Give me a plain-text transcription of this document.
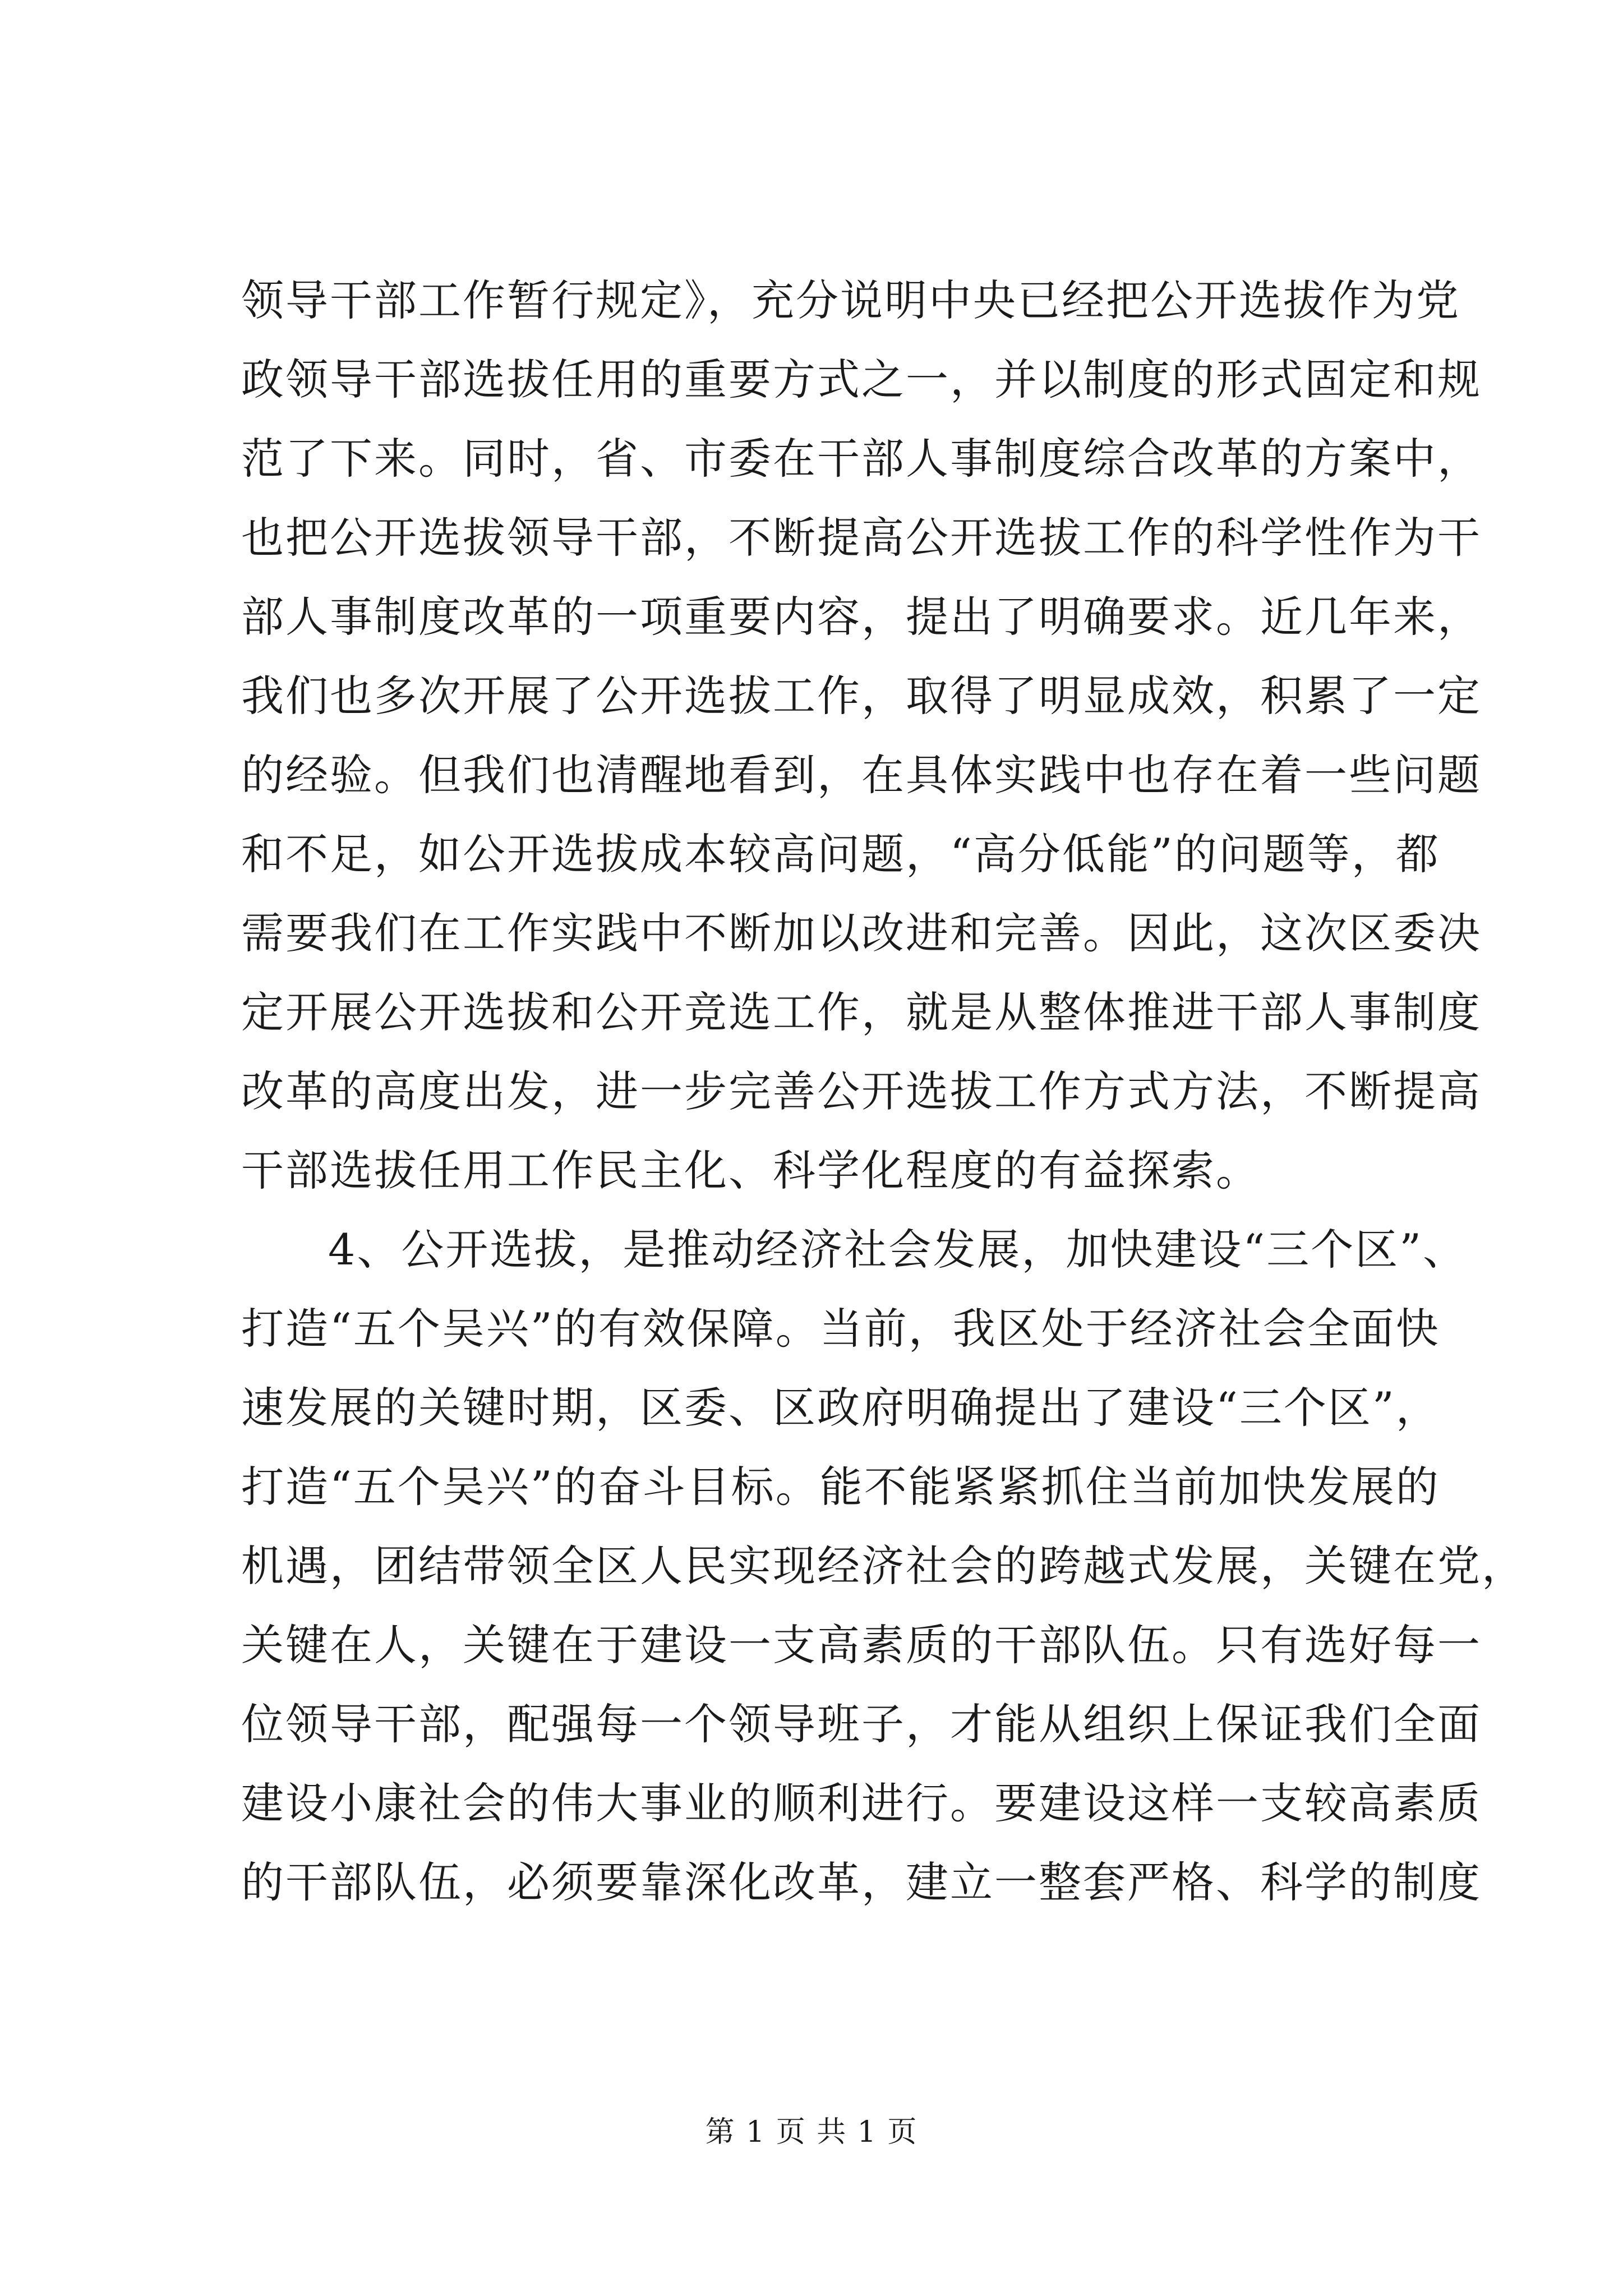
领导干部工作暂行规定》，充分说明中央已经把公开选拔作为党
政领导干部选拔任用的重要方式之一，并以制度的形式固定和规
范了下来。同时，省、市委在干部人事制度综合改革的方案中，
也把公开选拔领导干部，不断提高公开选拔工作的科学性作为干
部人事制度改革的一项重要内容，提出了明确要求。近几年来，
我们也多次开展了公开选拔工作，取得了明显成效，积累了一定
的经验。但我们也清醒地看到，在具体实践中也存在着一些问题
和不足，如公开选拔成本较高问题，“高分低能”的问题等，都
需要我们在工作实践中不断加以改进和完善。因此，这次区委决
定开展公开选拔和公开竞选工作，就是从整体推进干部人事制度
改革的高度出发，进一步完善公开选拔工作方式方法，不断提高
干部选拔任用工作民主化、科学化程度的有益探索。
4、公开选拔，是推动经济社会发展，加快建设“三个区”、
打造“五个吴兴”的有效保障。当前，我区处于经济社会全面快
速发展的关键时期，区委、区政府明确提出了建设“三个区”，
打造“五个吴兴”的奋斗目标。能不能紧紧抓住当前加快发展的
机遇，团结带领全区人民实现经济社会的跨越式发展，关键在党，
关键在人，关键在于建设一支高素质的干部队伍。只有选好每一
位领导干部，配强每一个领导班子，才能从组织上保证我们全面
建设小康社会的伟大事业的顺利进行。要建设这样一支较高素质
的干部队伍，必须要靠深化改革，建立一整套严格、科学的制度
第 1 页 共 1 页
